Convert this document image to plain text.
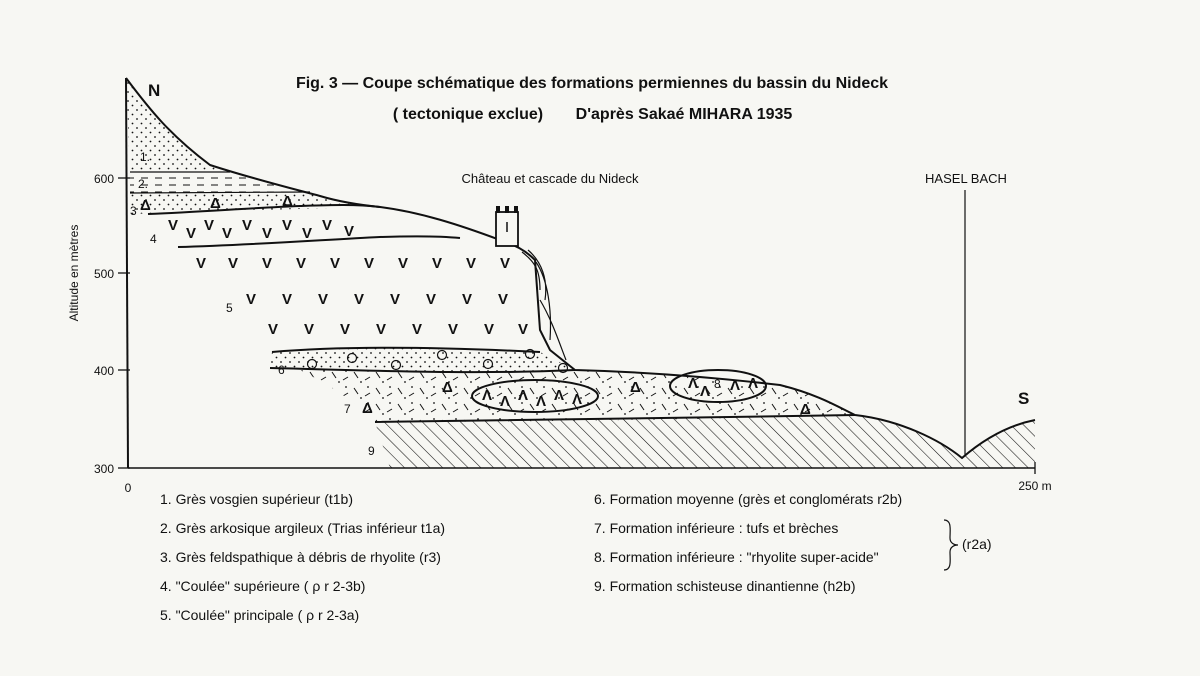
Fig. 3 — Coupe schématique des formations permiennes du bassin du Nideck
( tectonique exclue) D'après Sakaé MIHARA 1935
600
500
400
300
0	250 m
Altitude en mètres
N
S
Château et cascade du Nideck	HASEL BACH
1.
2.
3
4
5
6
7
8
9
V V V V V V V V V V
V V V V V V V V V V
V V V V V V V V
V V V V V V V V
Δ	Δ	Δ
Δ
Δ
Δ
Δ
Λ Λ Λ Λ Λ Λ
Λ Λ Λ Λ
1. Grès vosgien supérieur (t1b)
2. Grès arkosique argileux (Trias inférieur t1a)
3. Grès feldspathique à débris de rhyolite (r3)
4. "Coulée" supérieure ( ρ r 2-3b)
5. "Coulée" principale ( ρ r 2-3a)
6. Formation moyenne (grès et conglomérats r2b)
7. Formation inférieure : tufs et brèches
8. Formation inférieure : "rhyolite super-acide"
9. Formation schisteuse dinantienne (h2b)
(r2a)
